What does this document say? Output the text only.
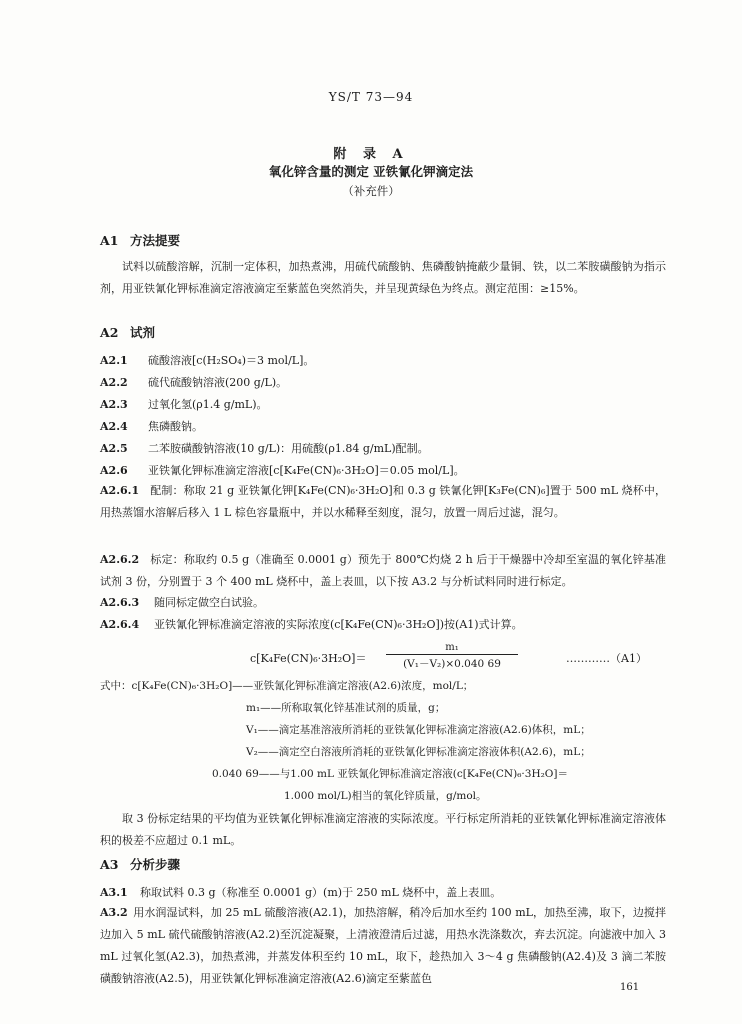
YS/T 73—94
附 录 A
氧化锌含量的测定 亚铁氰化钾滴定法
（补充件）
A1 方法提要
试料以硫酸溶解，沉制一定体积，加热煮沸，用硫代硫酸钠、焦磷酸钠掩蔽少量铜、铁，以二苯胺磺酸钠为指示剂，用亚铁氰化钾标准滴定溶液滴定至紫蓝色突然消失，并呈现黄绿色为终点。测定范围：≥15%。
A2 试剂
A2.1 硫酸溶液[c(H₂SO₄)＝3 mol/L]。
A2.2 硫代硫酸钠溶液(200 g/L)。
A2.3 过氧化氢(ρ1.4 g/mL)。
A2.4 焦磷酸钠。
A2.5 二苯胺磺酸钠溶液(10 g/L)：用硫酸(ρ1.84 g/mL)配制。
A2.6 亚铁氰化钾标准滴定溶液[c[K₄Fe(CN)₆·3H₂O]＝0.05 mol/L]。
A2.6.1  配制：称取 21 g 亚铁氰化钾[K₄Fe(CN)₆·3H₂O]和 0.3 g 铁氰化钾[K₃Fe(CN)₆]置于 500 mL 烧杯中，用热蒸馏水溶解后移入 1 L 棕色容量瓶中，并以水稀释至刻度，混匀，放置一周后过滤，混匀。
A2.6.2  标定：称取约 0.5 g（准确至 0.0001 g）预先于 800℃灼烧 2 h 后于干燥器中冷却至室温的氧化锌基准试剂 3 份，分别置于 3 个 400 mL 烧杯中，盖上表皿，以下按 A3.2 与分析试料同时进行标定。
A2.6.3 随同标定做空白试验。
A2.6.4 亚铁氰化钾标准滴定溶液的实际浓度(c[K₄Fe(CN)₆·3H₂O])按(A1)式计算。
c[K₄Fe(CN)₆·3H₂O]＝
m₁
(V₁－V₂)×0.040 69	…………（A1）
式中：c[K₄Fe(CN)₆·3H₂O]——亚铁氰化钾标准滴定溶液(A2.6)浓度，mol/L；
m₁——所称取氧化锌基准试剂的质量，g；
V₁——滴定基准溶液所消耗的亚铁氰化钾标准滴定溶液(A2.6)体积，mL；
V₂——滴定空白溶液所消耗的亚铁氰化钾标准滴定溶液体积(A2.6)，mL；
0.040 69——与1.00 mL 亚铁氰化钾标准滴定溶液(c[K₄Fe(CN)₆·3H₂O]＝
1.000 mol/L)相当的氧化锌质量，g/mol。
取 3 份标定结果的平均值为亚铁氰化钾标准滴定溶液的实际浓度。平行标定所消耗的亚铁氰化钾标准滴定溶液体积的极差不应超过 0.1 mL。
A3 分析步骤
A3.1 称取试料 0.3 g（称准至 0.0001 g）(m)于 250 mL 烧杯中，盖上表皿。
A3.2  用水润湿试料，加 25 mL 硫酸溶液(A2.1)，加热溶解，稍冷后加水至约 100 mL，加热至沸，取下，边搅拌边加入 5 mL 硫代硫酸钠溶液(A2.2)至沉淀凝聚，上清液澄清后过滤，用热水洗涤数次，弃去沉淀。向滤液中加入 3 mL 过氧化氢(A2.3)，加热煮沸，并蒸发体积至约 10 mL，取下，趁热加入 3～4 g 焦磷酸钠(A2.4)及 3 滴二苯胺磺酸钠溶液(A2.5)，用亚铁氰化钾标准滴定溶液(A2.6)滴定至紫蓝色
161
